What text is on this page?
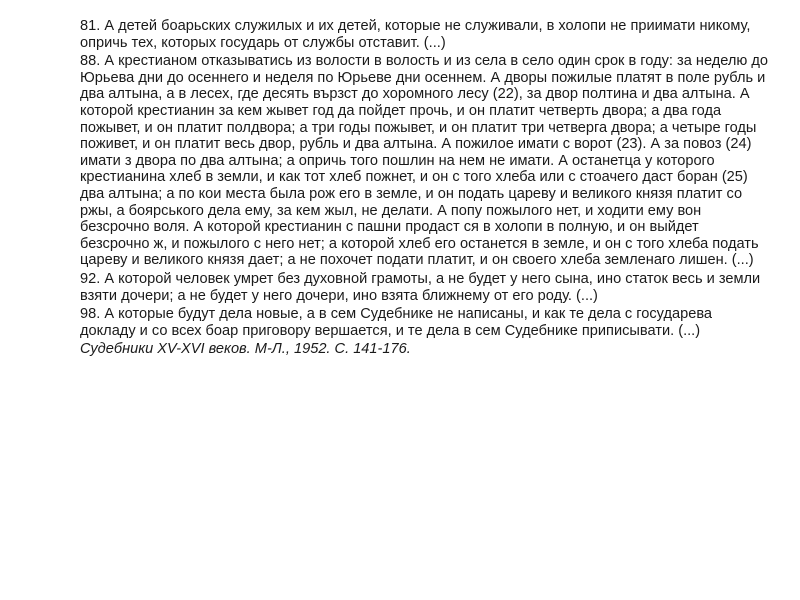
81. А детей боарьских служилых и их детей, которые не служивали, в холопи не приимати никому, опричь тех, которых государь от службы отставит. (...)

88. А крестианом отказыватись из волости в волость и из села в село один срок в году: за неделю до Юрьева дни до осеннего и неделя по Юрьеве дни осеннем. А дворы пожилые платят в поле рубль и два алтына, а в лесех, где десять вързст до хоромного лесу (22), за двор полтина и два алтына. А которой крестианин за кем жывет год да пойдет прочь, и он платит четверть двора; а два года пожывет, и он платит полдвора; а три годы пожывет, и он платит три четверга двора; а четыре годы поживет, и он платит весь двор, рубль и два алтына. А пожилое имати с ворот (23). А за повоз (24) имати з двора по два алтына; а опричь того пошлин на нем не имати. А останетца у которого крестианина хлеб в земли, и как тот хлеб пожнет, и он с того хлеба или с стоачего даст боран (25) два алтына; а по кои места была рож его в земле, и он подать цареву и великого князя платит со ржы, а боярського дела ему, за кем жыл, не делати. А попу пожылого нет, и ходити ему вон безсрочно воля. А которой крестианин с пашни продаст ся в холопи в полную, и он выйдет безсрочно ж, и пожылого с него нет; а которой хлеб его останется в земле, и он с того хлеба подать цареву и великого князя дает; а не похочет подати платит, и он своего хлеба земленаго лишен. (...)

92. А которой человек умрет без духовной грамоты, а не будет у него сына, ино статок весь и земли взяти дочери; а не будет у него дочери, ино взята ближнему от его роду. (...)

98. А которые будут дела новые, а в сем Судебнике не написаны, и как те дела с государева докладу и со всех боар приговору вершается, и те дела в сем Судебнике приписывати. (...)

Судебники XV-XVI веков. М-Л., 1952. С. 141-176.
